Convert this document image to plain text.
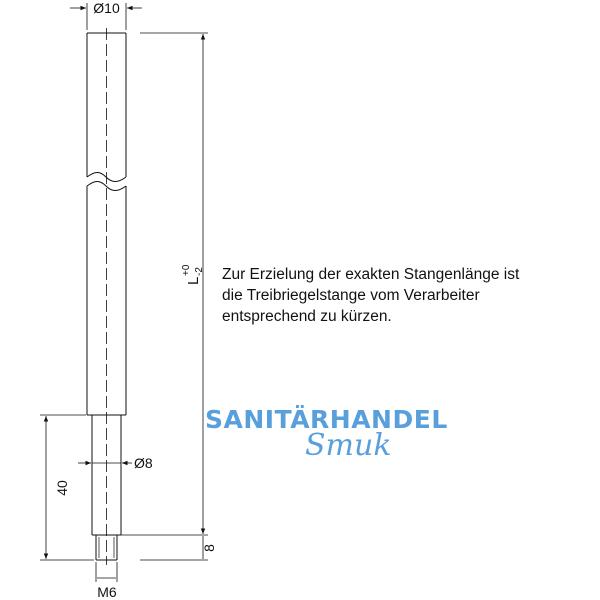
Ø10
Ø8
M6
40
L
-2
+0
8
SANITÄRHANDEL
Smuk
Zur Erzielung der exakten Stangenlänge ist
die Treibriegelstange vom Verarbeiter
entsprechend zu kürzen.
